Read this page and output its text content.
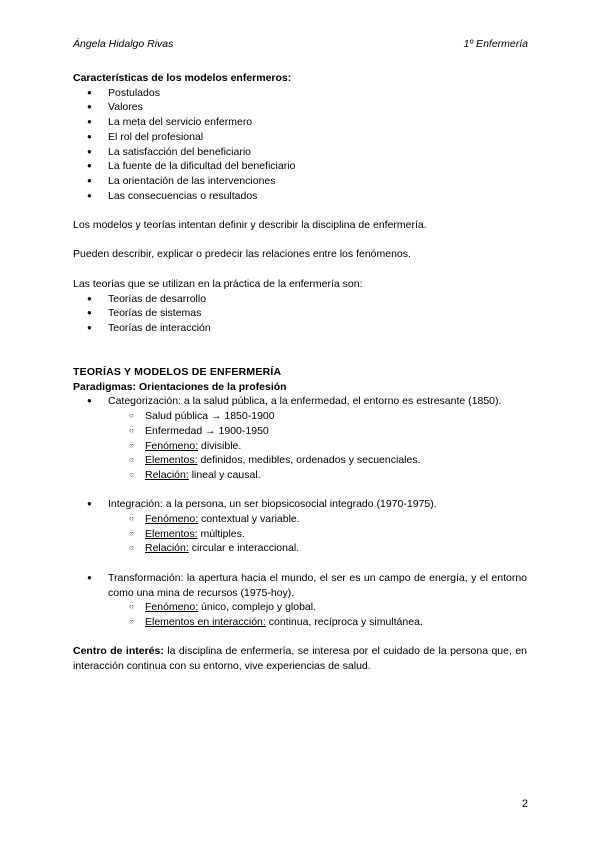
Ángela Hidalgo Rivas	1º Enfermería

Características de los modelos enfermeros:

● Postulados
● Valores
● La meta del servicio enfermero
● El rol del profesional
● La satisfacción del beneficiario
● La fuente de la dificultad del beneficiario
● La orientación de las intervenciones
● Las consecuencias o resultados

Los modelos y teorías intentan definir y describir la disciplina de enfermería.

Pueden describir, explicar o predecir las relaciones entre los fenómenos.

Las teorías que se utilizan en la práctica de la enfermería son:

● Teorías de desarrollo
● Teorías de sistemas
● Teorías de interacción

TEORÍAS Y MODELOS DE ENFERMERÍA

Paradigmas: Orientaciones de la profesión

● Categorización: a la salud pública, a la enfermedad, el entorno es estresante (1850).
○ Salud pública → 1850-1900
○ Enfermedad → 1900-1950
○ Fenómeno: divisible.
○ Elementos: definidos, medibles, ordenados y secuenciales.
○ Relación: lineal y causal.
● Integración: a la persona, un ser biopsicosocial integrado (1970-1975).
○ Fenómeno: contextual y variable.
○ Elementos: múltiples.
○ Relación: circular e interaccional.
● Transformación: la apertura hacia el mundo, el ser es un campo de energía, y el entorno como una mina de recursos (1975-hoy).
○ Fenómeno: único, complejo y global.
○ Elementos en interacción: continua, recíproca y simultánea.

Centro de interés: la disciplina de enfermería, se interesa por el cuidado de la persona que, en interacción continua con su entorno, vive experiencias de salud.

2
